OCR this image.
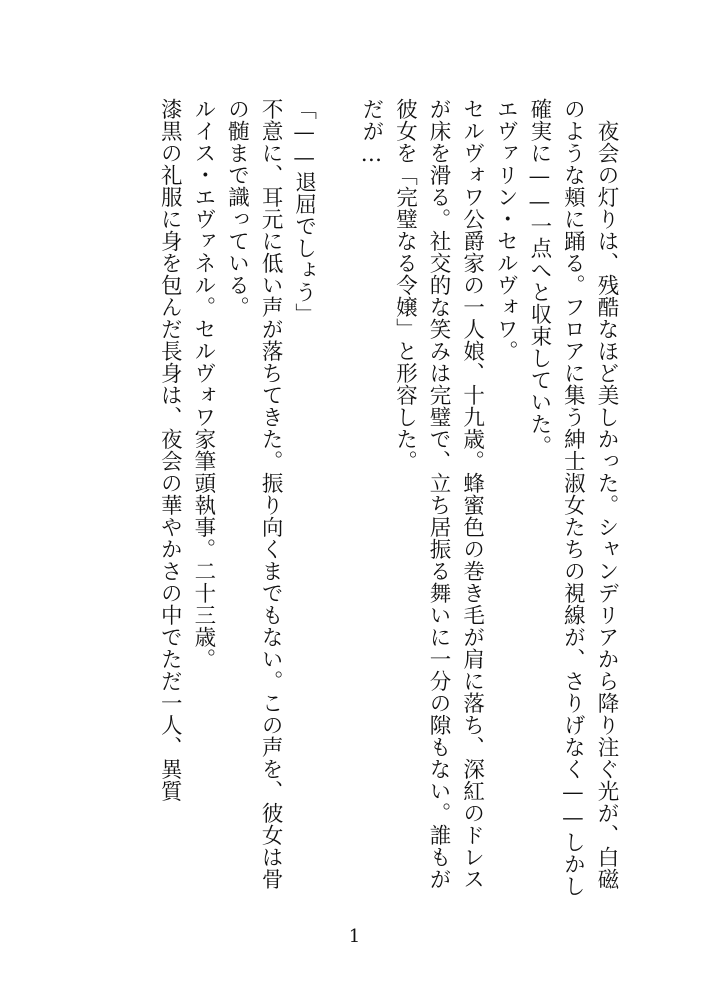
夜会の灯りは、残酷なほど美しかった。シャンデリアから降り注ぐ光が、白磁のような頬に踊る。フロアに集う紳士淑女たちの視線が、さりげなく——しかし確実に——一点へと収束していた。

エヴァリン・セルヴォワ。

セルヴォワ公爵家の一人娘、十九歳。蜂蜜色の巻き毛が肩に落ち、深紅のドレスが床を滑る。社交的な笑みは完璧で、立ち居振る舞いに一分の隙もない。誰もが彼女を「完璧なる令嬢」と形容した。

だが…

「——退屈でしょう」

不意に、耳元に低い声が落ちてきた。振り向くまでもない。この声を、彼女は骨の髄まで識っている。

ルイス・エヴァネル。セルヴォワ家筆頭執事。二十三歳。

漆黒の礼服に身を包んだ長身は、夜会の華やかさの中でただ一人、異質

1
